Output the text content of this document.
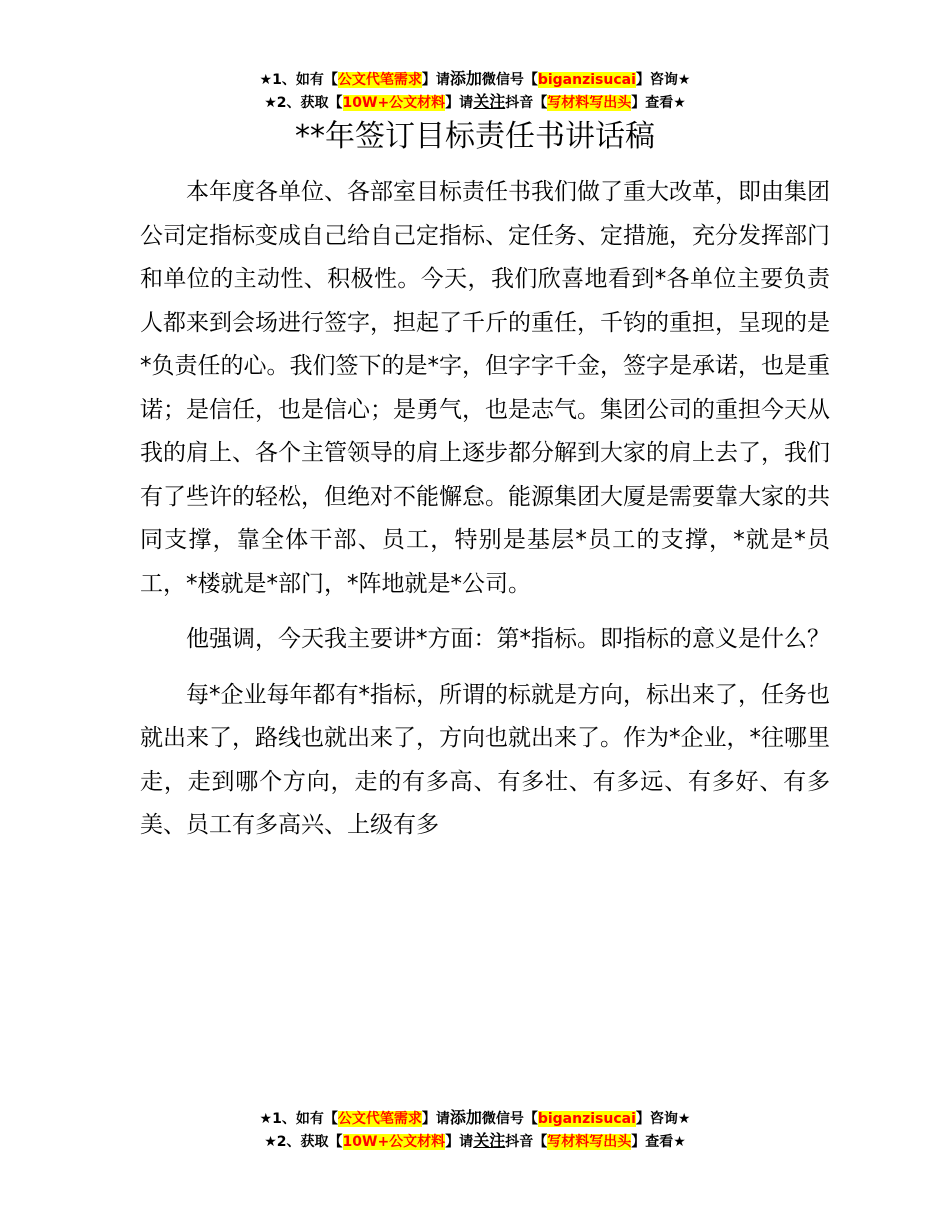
★1、如有【公文代笔需求】请添加微信号【biganzisucai】咨询★
★2、获取【10W+公文材料】请关注抖音【写材料写出头】查看★
**年签订目标责任书讲话稿

本年度各单位、各部室目标责任书我们做了重大改革，即由集团公司定指标变成自己给自己定指标、定任务、定措施，充分发挥部门和单位的主动性、积极性。今天，我们欣喜地看到*各单位主要负责人都来到会场进行签字，担起了千斤的重任，千钧的重担，呈现的是*负责任的心。我们签下的是*字，但字字千金，签字是承诺，也是重诺；是信任，也是信心；是勇气，也是志气。集团公司的重担今天从我的肩上、各个主管领导的肩上逐步都分解到大家的肩上去了，我们有了些许的轻松，但绝对不能懈怠。能源集团大厦是需要靠大家的共同支撑，靠全体干部、员工，特别是基层*员工的支撑，*就是*员工，*楼就是*部门，*阵地就是*公司。

他强调，今天我主要讲*方面：第*指标。即指标的意义是什么？

每*企业每年都有*指标，所谓的标就是方向，标出来了，任务也就出来了，路线也就出来了，方向也就出来了。作为*企业，*往哪里走，走到哪个方向，走的有多高、有多壮、有多远、有多好、有多美、员工有多高兴、上级有多

★1、如有【公文代笔需求】请添加微信号【biganzisucai】咨询★
★2、获取【10W+公文材料】请关注抖音【写材料写出头】查看★
